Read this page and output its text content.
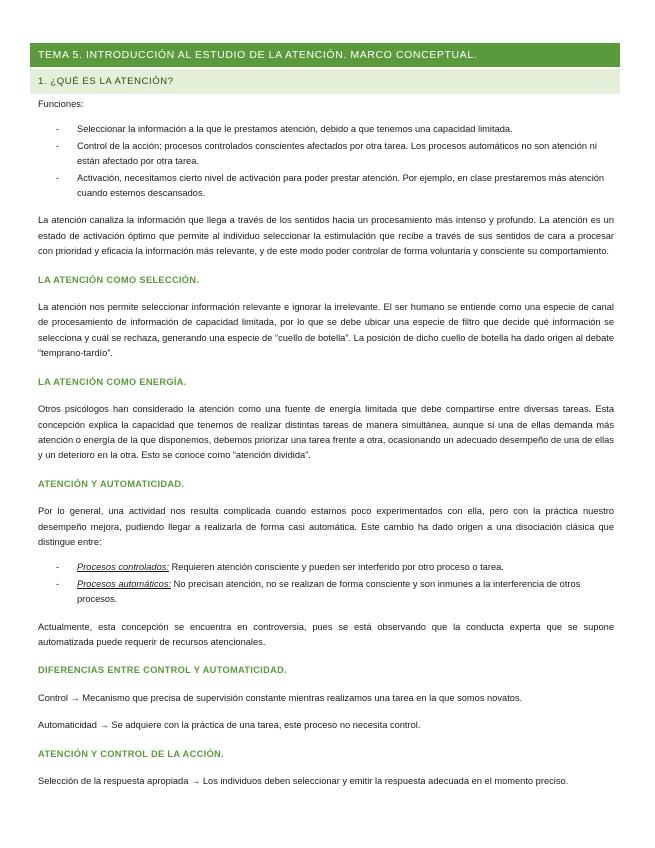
TEMA 5. INTRODUCCIÓN AL ESTUDIO DE LA ATENCIÓN. MARCO CONCEPTUAL.
1. ¿QUÉ ES LA ATENCIÓN?

Funciones:

- Seleccionar la información a la que le prestamos atención, debido a que tenemos una capacidad limitada.
- Control de la acción; procesos controlados conscientes afectados por otra tarea. Los procesos automáticos no son atención ni están afectado por otra tarea.
- Activación, necesitamos cierto nivel de activación para poder prestar atención. Por ejemplo, en clase prestaremos más atención cuando estemos descansados.

La atención canaliza la información que llega a través de los sentidos hacia un procesamiento más intenso y profundo. La atención es un estado de activación óptimo que permite al individuo seleccionar la estimulación que recibe a través de sus sentidos de cara a procesar con prioridad y eficacia la información más relevante, y de este modo poder controlar de forma voluntaria y consciente su comportamiento.

LA ATENCIÓN COMO SELECCIÓN.

La atención nos permite seleccionar información relevante e ignorar la irrelevante. El ser humano se entiende como una especie de canal de procesamiento de información de capacidad limitada, por lo que se debe ubicar una especie de filtro que decide qué información se selecciona y cuál se rechaza, generando una especie de “cuello de botella”. La posición de dicho cuello de botella ha dado origen al debate “temprano-tardío”.

LA ATENCIÓN COMO ENERGÍA.

Otros psicólogos han considerado la atención como una fuente de energía limitada que debe compartirse entre diversas tareas. Esta concepción explica la capacidad que tenemos de realizar distintas tareas de manera simultánea, aunque si una de ellas demanda más atención o energía de la que disponemos, debemos priorizar una tarea frente a otra, ocasionando un adecuado desempeño de una de ellas y un deterioro en la otra. Esto se conoce como “atención dividida”.

ATENCIÓN Y AUTOMATICIDAD.

Por lo general, una actividad nos resulta complicada cuando estamos poco experimentados con ella, pero con la práctica nuestro desempeño mejora, pudiendo llegar a realizarla de forma casi automática. Este cambio ha dado origen a una disociación clásica que distingue entre:

- Procesos controlados: Requieren atención consciente y pueden ser interferido por otro proceso o tarea.
- Procesos automáticos: No precisan atención, no se realizan de forma consciente y son inmunes a la interferencia de otros procesos.

Actualmente, esta concepción se encuentra en controversia, pues se está observando que la conducta experta que se supone automatizada puede requerir de recursos atencionales.

DIFERENCIAS ENTRE CONTROL Y AUTOMATICIDAD.

Control → Mecanismo que precisa de supervisión constante mientras realizamos una tarea en la que somos novatos.

Automaticidad → Se adquiere con la práctica de una tarea, este proceso no necesita control.

ATENCIÓN Y CONTROL DE LA ACCIÓN.

Selección de la respuesta apropiada → Los individuos deben seleccionar y emitir la respuesta adecuada en el momento preciso.
